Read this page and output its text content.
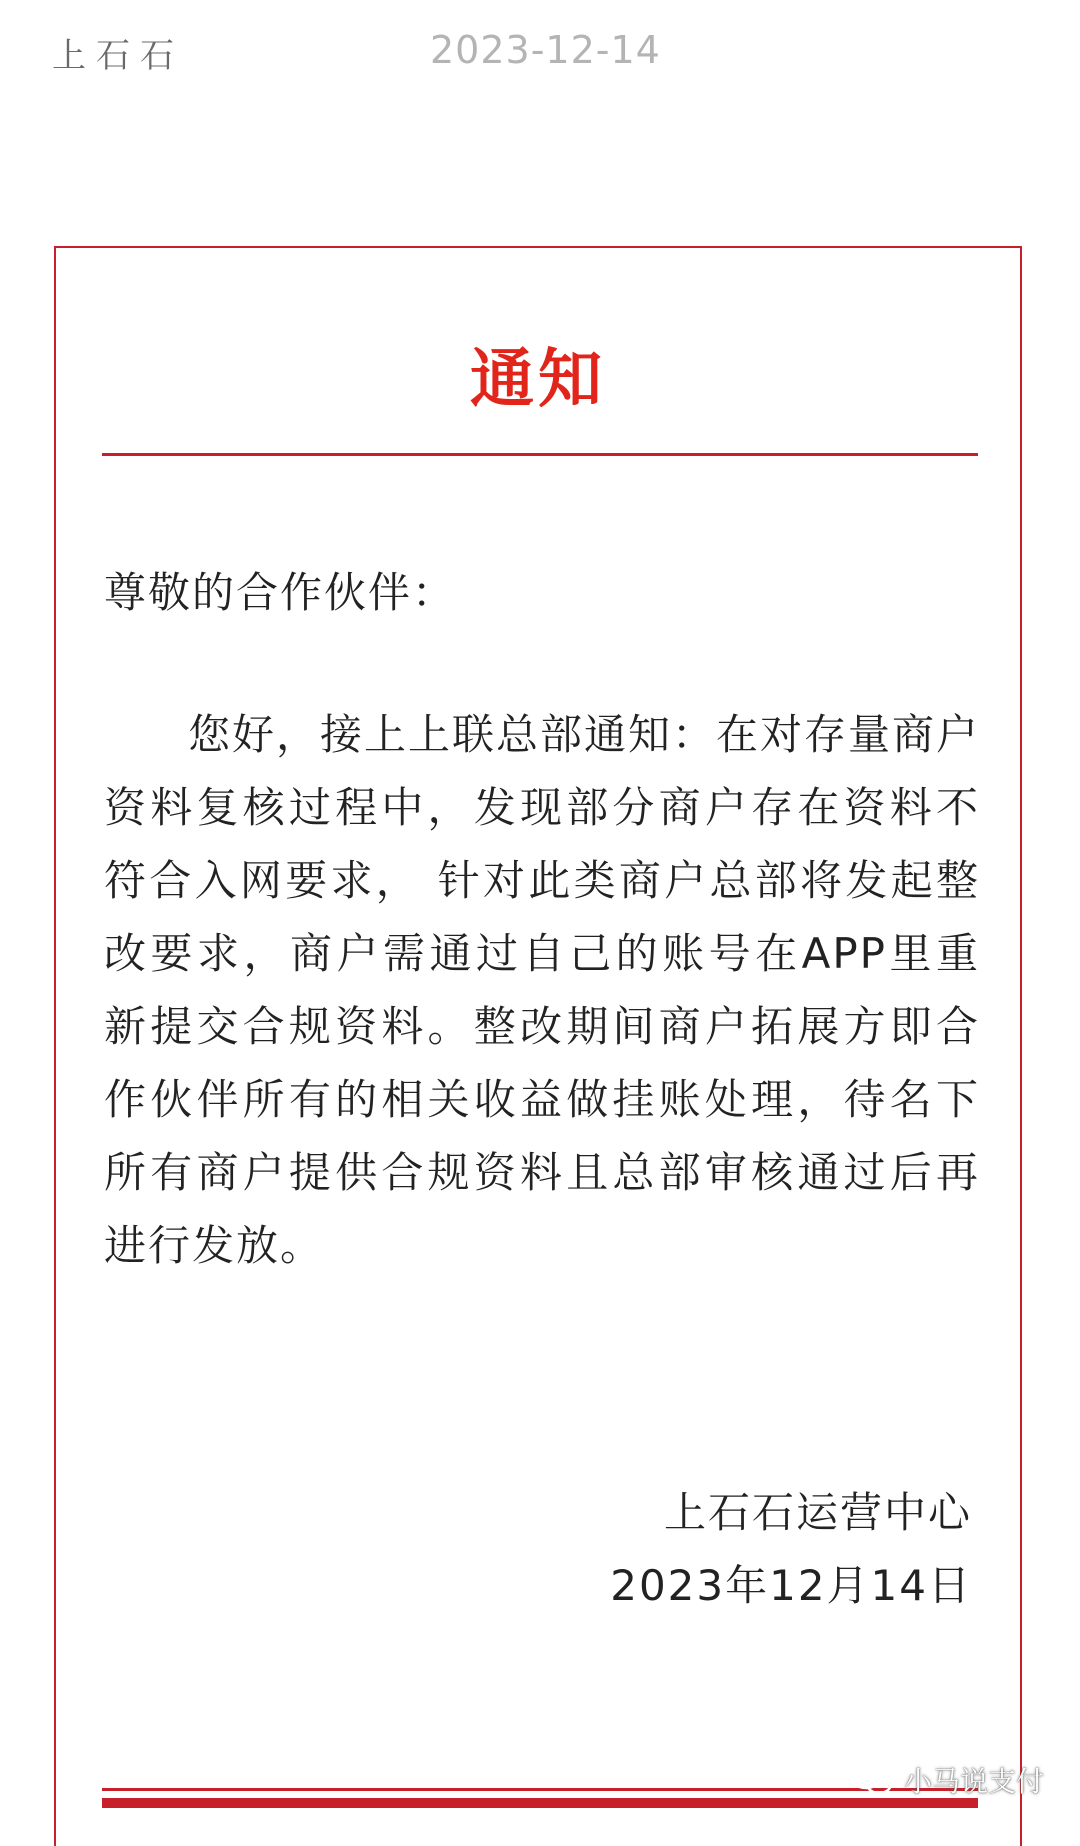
上石石	2023-12-14
通知
尊敬的合作伙伴：

您好，接上上联总部通知：在对存量商户资料复核过程中，发现部分商户存在资料不符合入网要求， 针对此类商户总部将发起整改要求，商户需通过自己的账号在APP里重新提交合规资料。整改期间商户拓展方即合作伙伴所有的相关收益做挂账处理，待名下所有商户提供合规资料且总部审核通过后再进行发放。

上石石运营中心
2023年12月14日
小马说支付
